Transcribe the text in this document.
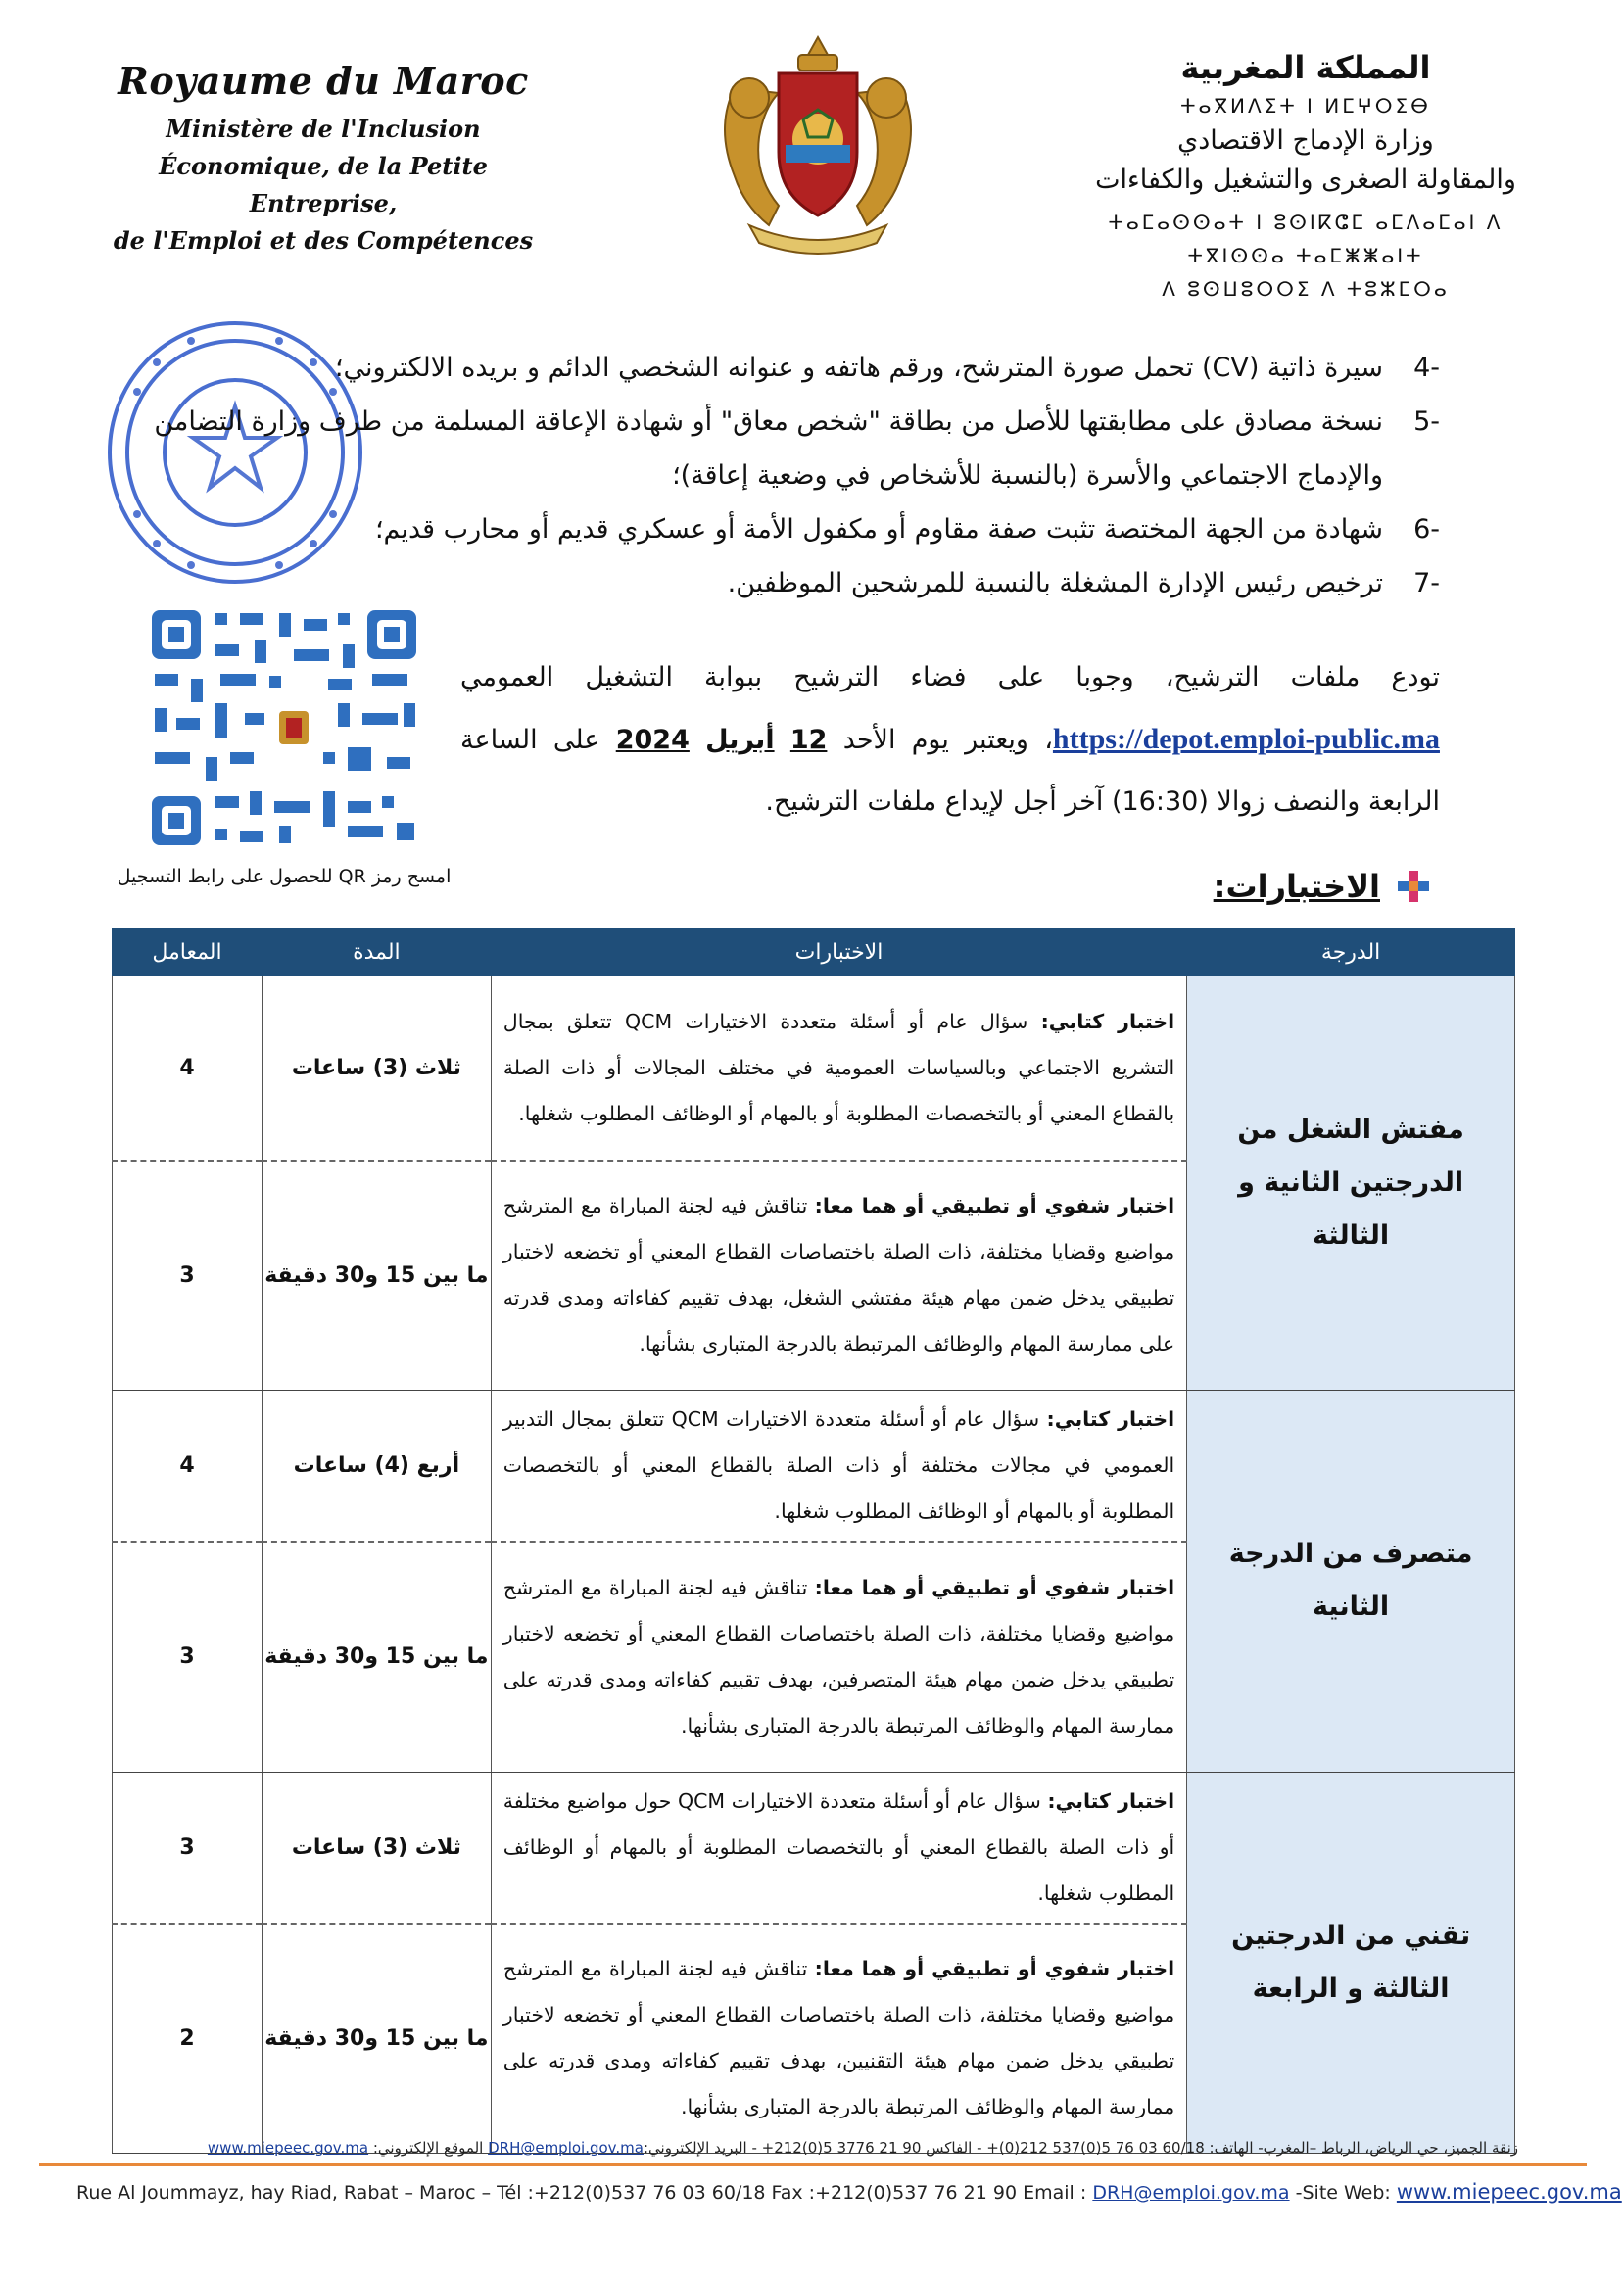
Royaume du Maroc
Ministère de l'Inclusion
Économique, de la Petite Entreprise,
de l'Emploi et des Compétences
المملكة المغربية
ⵜⴰⴳⵍⴷⵉⵜ ⵏ ⵍⵎⵖⵔⵉⴱ
وزارة الإدماج الاقتصادي
والمقاولة الصغرى والتشغيل والكفاءات
ⵜⴰⵎⴰⵙⵙⴰⵜ ⵏ ⵓⵙⵏⴽⵛⵎ ⴰⵎⴷⴰⵎⴰⵏ ⴷ ⵜⴳⵏⵙⵙⴰ ⵜⴰⵎⵥⵥⴰⵏⵜ
ⴷ ⵓⵙⵡⵓⵔⵔⵉ ⴷ ⵜⵓⵣⵎⵔⴰ
-4سيرة ذاتية (CV) تحمل صورة المترشح، ورقم هاتفه و عنوانه الشخصي الدائم و بريده الالكتروني؛
-5نسخة مصادق على مطابقتها للأصل من بطاقة "شخص معاق" أو شهادة الإعاقة المسلمة من طرف وزارة التضامن
والإدماج الاجتماعي والأسرة (بالنسبة للأشخاص في وضعية إعاقة)؛
-6شهادة من الجهة المختصة تثبت صفة مقاوم أو مكفول الأمة أو عسكري قديم أو محارب قديم؛
-7ترخيص رئيس الإدارة المشغلة بالنسبة للمرشحين الموظفين.
تودع ملفات الترشيح، وجوبا على فضاء الترشيح ببوابة التشغيل العمومي https://depot.emploi-public.ma، ويعتبر يوم الأحد 12 أبريل 2024 على الساعة الرابعة والنصف زوالا (16:30) آخر أجل لإيداع ملفات الترشيح.
امسح رمز QR للحصول على رابط التسجيل	الاختبارات:
الدرجة	الاختبارات	المدة	المعامل
مفتش الشغل من الدرجتين الثانية و الثالثة	اختبار كتابي: سؤال عام أو أسئلة متعددة الاختيارات QCM تتعلق بمجال التشريع الاجتماعي وبالسياسات العمومية في مختلف المجالات أو ذات الصلة بالقطاع المعني أو بالتخصصات المطلوبة أو بالمهام أو الوظائف المطلوب شغلها.	ثلاث (3) ساعات	4
	اختبار شفوي أو تطبيقي أو هما معا: تناقش فيه لجنة المباراة مع المترشح مواضيع وقضايا مختلفة، ذات الصلة باختصاصات القطاع المعني أو تخضعه لاختبار تطبيقي يدخل ضمن مهام هيئة مفتشي الشغل، بهدف تقييم كفاءاته ومدى قدرته على ممارسة المهام والوظائف المرتبطة بالدرجة المتبارى بشأنها.	ما بين 15 و30 دقيقة	3
متصرف من الدرجة الثانية	اختبار كتابي: سؤال عام أو أسئلة متعددة الاختيارات QCM تتعلق بمجال التدبير العمومي في مجالات مختلفة أو ذات الصلة بالقطاع المعني أو بالتخصصات المطلوبة أو بالمهام أو الوظائف المطلوب شغلها.	أربع (4) ساعات	4
	اختبار شفوي أو تطبيقي أو هما معا: تناقش فيه لجنة المباراة مع المترشح مواضيع وقضايا مختلفة، ذات الصلة باختصاصات القطاع المعني أو تخضعه لاختبار تطبيقي يدخل ضمن مهام هيئة المتصرفين، بهدف تقييم كفاءاته ومدى قدرته على ممارسة المهام والوظائف المرتبطة بالدرجة المتبارى بشأنها.	ما بين 15 و30 دقيقة	3
تقني من الدرجتين الثالثة و الرابعة	اختبار كتابي: سؤال عام أو أسئلة متعددة الاختيارات QCM حول مواضيع مختلفة أو ذات الصلة بالقطاع المعني أو بالتخصصات المطلوبة أو بالمهام أو الوظائف المطلوب شغلها.	ثلاث (3) ساعات	3
	اختبار شفوي أو تطبيقي أو هما معا: تناقش فيه لجنة المباراة مع المترشح مواضيع وقضايا مختلفة، ذات الصلة باختصاصات القطاع المعني أو تخضعه لاختبار تطبيقي يدخل ضمن مهام هيئة التقنيين، بهدف تقييم كفاءاته ومدى قدرته على ممارسة المهام والوظائف المرتبطة بالدرجة المتبارى بشأنها.	ما بين 15 و30 دقيقة	2
زنقة الجميز، حي الرياض، الرباط –المغرب- الهاتف: 60/18 03 76 5(0)537 212(0)+ - الفاكس 90 21 3776 5(0)212+ - البريد الإلكتروني:DRH@emploi.gov.ma الموقع الإلكتروني: www.miepeec.gov.ma
Rue Al Joummayz, hay Riad, Rabat – Maroc – Tél :+212(0)537 76 03 60/18 Fax :+212(0)537 76 21 90 Email : DRH@emploi.gov.ma -Site Web: www.miepeec.gov.ma
